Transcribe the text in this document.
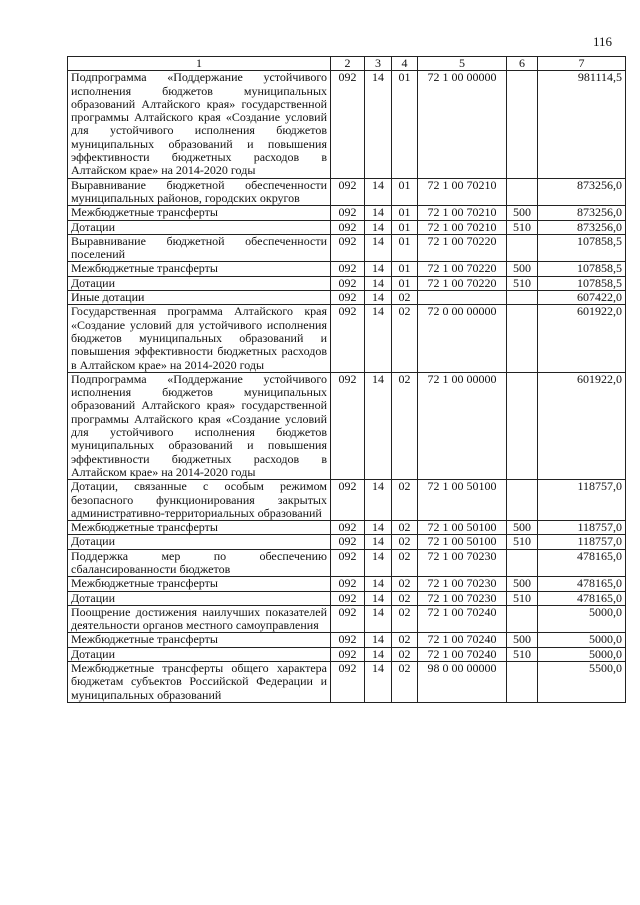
116
1	2	3	4	5	6	7
Подпрограмма «Поддержание устойчивого исполнения бюджетов муниципальных образований Алтайского края» государственной программы Алтайского края «Создание условий для устойчивого исполнения бюджетов муниципальных образований и повышения эффективности бюджетных расходов в Алтайском крае» на 2014-2020 годы	092	14	01	72 1 00 00000		981114,5
Выравнивание бюджетной обеспеченности муниципальных районов, городских округов	092	14	01	72 1 00 70210		873256,0
Межбюджетные трансферты	092	14	01	72 1 00 70210	500	873256,0
Дотации	092	14	01	72 1 00 70210	510	873256,0
Выравнивание бюджетной обеспеченности поселений	092	14	01	72 1 00 70220		107858,5
Межбюджетные трансферты	092	14	01	72 1 00 70220	500	107858,5
Дотации	092	14	01	72 1 00 70220	510	107858,5
Иные дотации	092	14	02			607422,0
Государственная программа Алтайского края «Создание условий для устойчивого исполнения бюджетов муниципальных образований и повышения эффективности бюджетных расходов в Алтайском крае» на 2014-2020 годы	092	14	02	72 0 00 00000		601922,0
Подпрограмма «Поддержание устойчивого исполнения бюджетов муниципальных образований Алтайского края» государственной программы Алтайского края «Создание условий для устойчивого исполнения бюджетов муниципальных образований и повышения эффективности бюджетных расходов в Алтайском крае» на 2014-2020 годы	092	14	02	72 1 00 00000		601922,0
Дотации, связанные с особым режимом безопасного функционирования закрытых административно-территориальных образований	092	14	02	72 1 00 50100		118757,0
Межбюджетные трансферты	092	14	02	72 1 00 50100	500	118757,0
Дотации	092	14	02	72 1 00 50100	510	118757,0
Поддержка мер по обеспечению сбалансированности бюджетов	092	14	02	72 1 00 70230		478165,0
Межбюджетные трансферты	092	14	02	72 1 00 70230	500	478165,0
Дотации	092	14	02	72 1 00 70230	510	478165,0
Поощрение достижения наилучших показателей деятельности органов местного самоуправления	092	14	02	72 1 00 70240		5000,0
Межбюджетные трансферты	092	14	02	72 1 00 70240	500	5000,0
Дотации	092	14	02	72 1 00 70240	510	5000,0
Межбюджетные трансферты общего характера бюджетам субъектов Российской Федерации и муниципальных образований	092	14	02	98 0 00 00000		5500,0
